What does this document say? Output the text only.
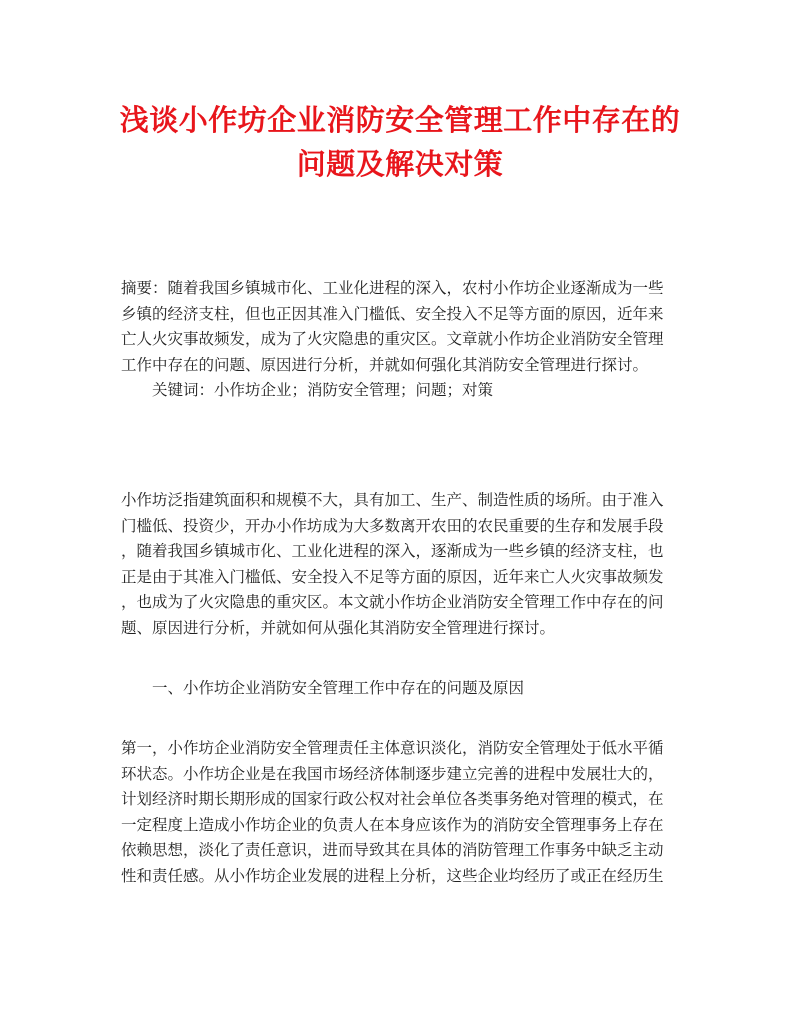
浅谈小作坊企业消防安全管理工作中存在的
问题及解决对策
摘要：随着我国乡镇城市化、工业化进程的深入，农村小作坊企业逐渐成为一些
乡镇的经济支柱，但也正因其准入门槛低、安全投入不足等方面的原因，近年来
亡人火灾事故频发，成为了火灾隐患的重灾区。文章就小作坊企业消防安全管理
工作中存在的问题、原因进行分析，并就如何强化其消防安全管理进行探讨。
关键词：小作坊企业；消防安全管理；问题；对策
小作坊泛指建筑面积和规模不大，具有加工、生产、制造性质的场所。由于准入
门槛低、投资少，开办小作坊成为大多数离开农田的农民重要的生存和发展手段
，随着我国乡镇城市化、工业化进程的深入，逐渐成为一些乡镇的经济支柱，也
正是由于其准入门槛低、安全投入不足等方面的原因，近年来亡人火灾事故频发
，也成为了火灾隐患的重灾区。本文就小作坊企业消防安全管理工作中存在的问
题、原因进行分析，并就如何从强化其消防安全管理进行探讨。
一、小作坊企业消防安全管理工作中存在的问题及原因
第一，小作坊企业消防安全管理责任主体意识淡化，消防安全管理处于低水平循
环状态。小作坊企业是在我国市场经济体制逐步建立完善的进程中发展壮大的，
计划经济时期长期形成的国家行政公权对社会单位各类事务绝对管理的模式，在
一定程度上造成小作坊企业的负责人在本身应该作为的消防安全管理事务上存在
依赖思想，淡化了责任意识，进而导致其在具体的消防管理工作事务中缺乏主动
性和责任感。从小作坊企业发展的进程上分析，这些企业均经历了或正在经历生
